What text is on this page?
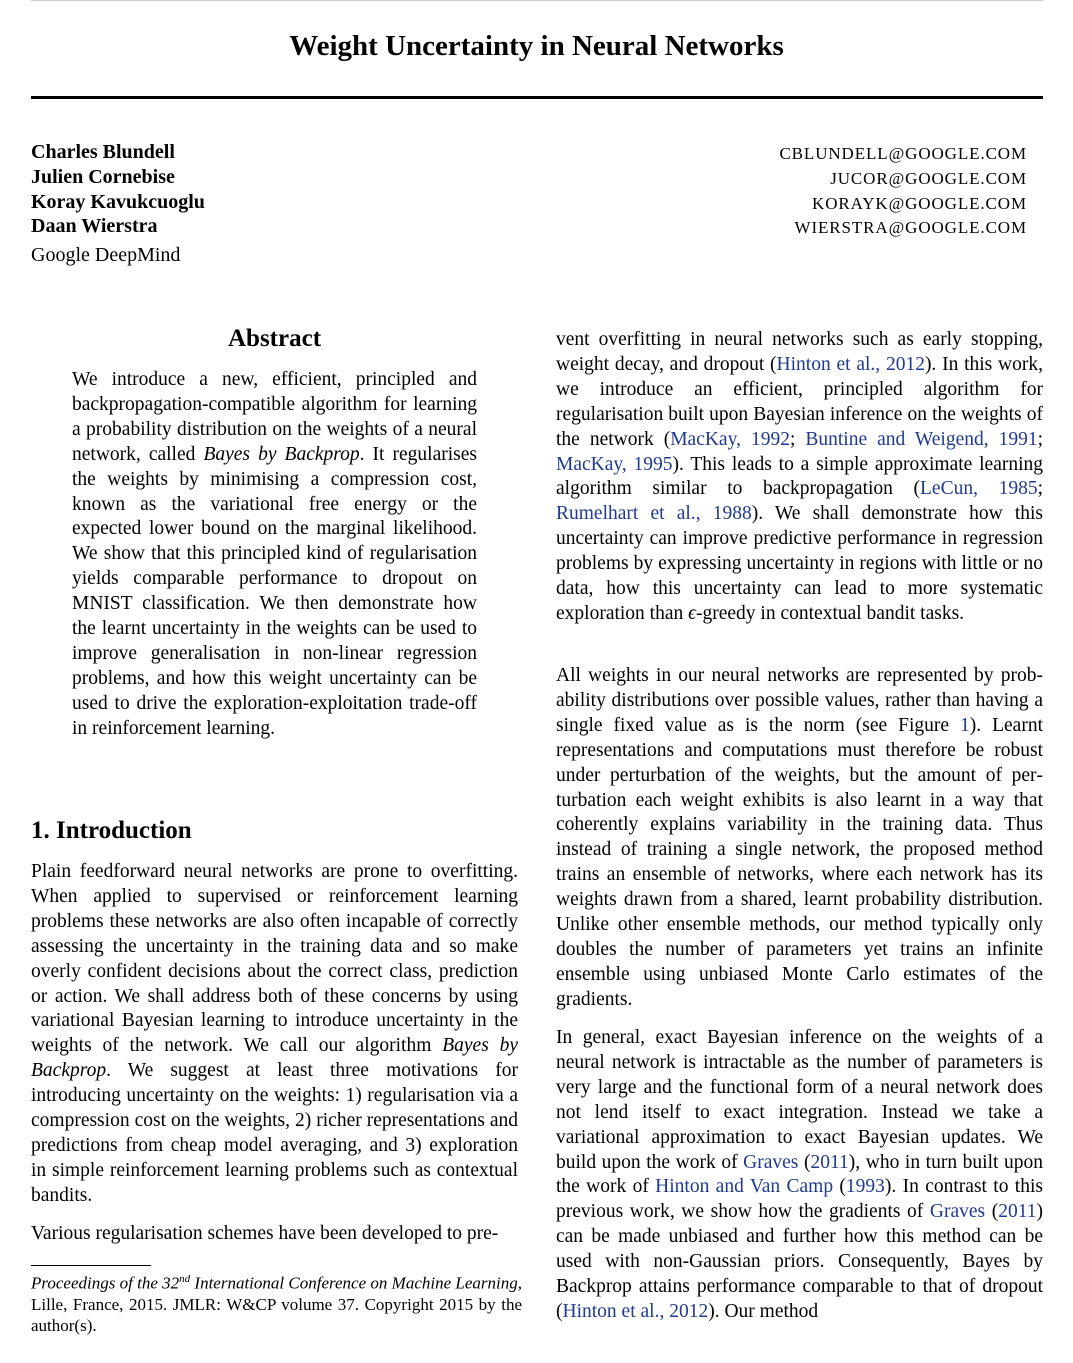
Weight Uncertainty in Neural Networks
Charles Blundell
Julien Cornebise
Koray Kavukcuoglu
Daan Wierstra
CBLUNDELL@GOOGLE.COM
JUCOR@GOOGLE.COM
KORAYK@GOOGLE.COM
WIERSTRA@GOOGLE.COM
Google DeepMind
Abstract
We introduce a new, efficient, principled and backpropagation-compatible algorithm for learning a probability distribution on the weights of a neural network, called Bayes by Backprop. It regularises the weights by minimising a compression cost, known as the variational free energy or the expected lower bound on the marginal likelihood. We show that this principled kind of regularisation yields comparable performance to dropout on MNIST classification. We then demonstrate how the learnt uncertainty in the weights can be used to improve generalisation in non-linear regression problems, and how this weight uncertainty can be used to drive the exploration-exploitation trade-off in reinforcement learning.
1. Introduction

Plain feedforward neural networks are prone to overfitting. When applied to supervised or reinforcement learning problems these networks are also often incapable of correctly assessing the uncertainty in the training data and so make overly confident decisions about the correct class, prediction or action. We shall address both of these concerns by using variational Bayesian learning to introduce uncertainty in the weights of the network. We call our algorithm Bayes by Backprop. We suggest at least three motivations for introducing uncertainty on the weights: 1) regularisation via a compression cost on the weights, 2) richer representations and predictions from cheap model averaging, and 3) exploration in simple reinforcement learning problems such as contextual bandits.

Various regularisation schemes have been developed to pre-

vent overfitting in neural networks such as early stopping, weight decay, and dropout (Hinton et al., 2012). In this work, we introduce an efficient, principled algorithm for regularisation built upon Bayesian inference on the weights of the network (MacKay, 1992; Buntine and Weigend, 1991; MacKay, 1995). This leads to a simple approximate learning algorithm similar to backpropagation (LeCun, 1985; Rumelhart et al., 1988). We shall demonstrate how this uncertainty can improve predictive performance in regression problems by expressing uncertainty in regions with little or no data, how this uncertainty can lead to more systematic exploration than ϵ-greedy in contextual bandit tasks.

All weights in our neural networks are represented by probability distributions over possible values, rather than having a single fixed value as is the norm (see Figure 1). Learnt representations and computations must therefore be robust under perturbation of the weights, but the amount of perturbation each weight exhibits is also learnt in a way that coherently explains variability in the training data. Thus instead of training a single network, the proposed method trains an ensemble of networks, where each network has its weights drawn from a shared, learnt probability distribution. Unlike other ensemble methods, our method typically only doubles the number of parameters yet trains an infinite ensemble using unbiased Monte Carlo estimates of the gradients.

In general, exact Bayesian inference on the weights of a neural network is intractable as the number of parameters is very large and the functional form of a neural network does not lend itself to exact integration. Instead we take a variational approximation to exact Bayesian updates. We build upon the work of Graves (2011), who in turn built upon the work of Hinton and Van Camp (1993). In contrast to this previous work, we show how the gradients of Graves (2011) can be made unbiased and further how this method can be used with non-Gaussian priors. Consequently, Bayes by Backprop attains performance comparable to that of dropout (Hinton et al., 2012). Our method

Proceedings of the 32nd International Conference on Machine Learning, Lille, France, 2015. JMLR: W&CP volume 37. Copyright 2015 by the author(s).
